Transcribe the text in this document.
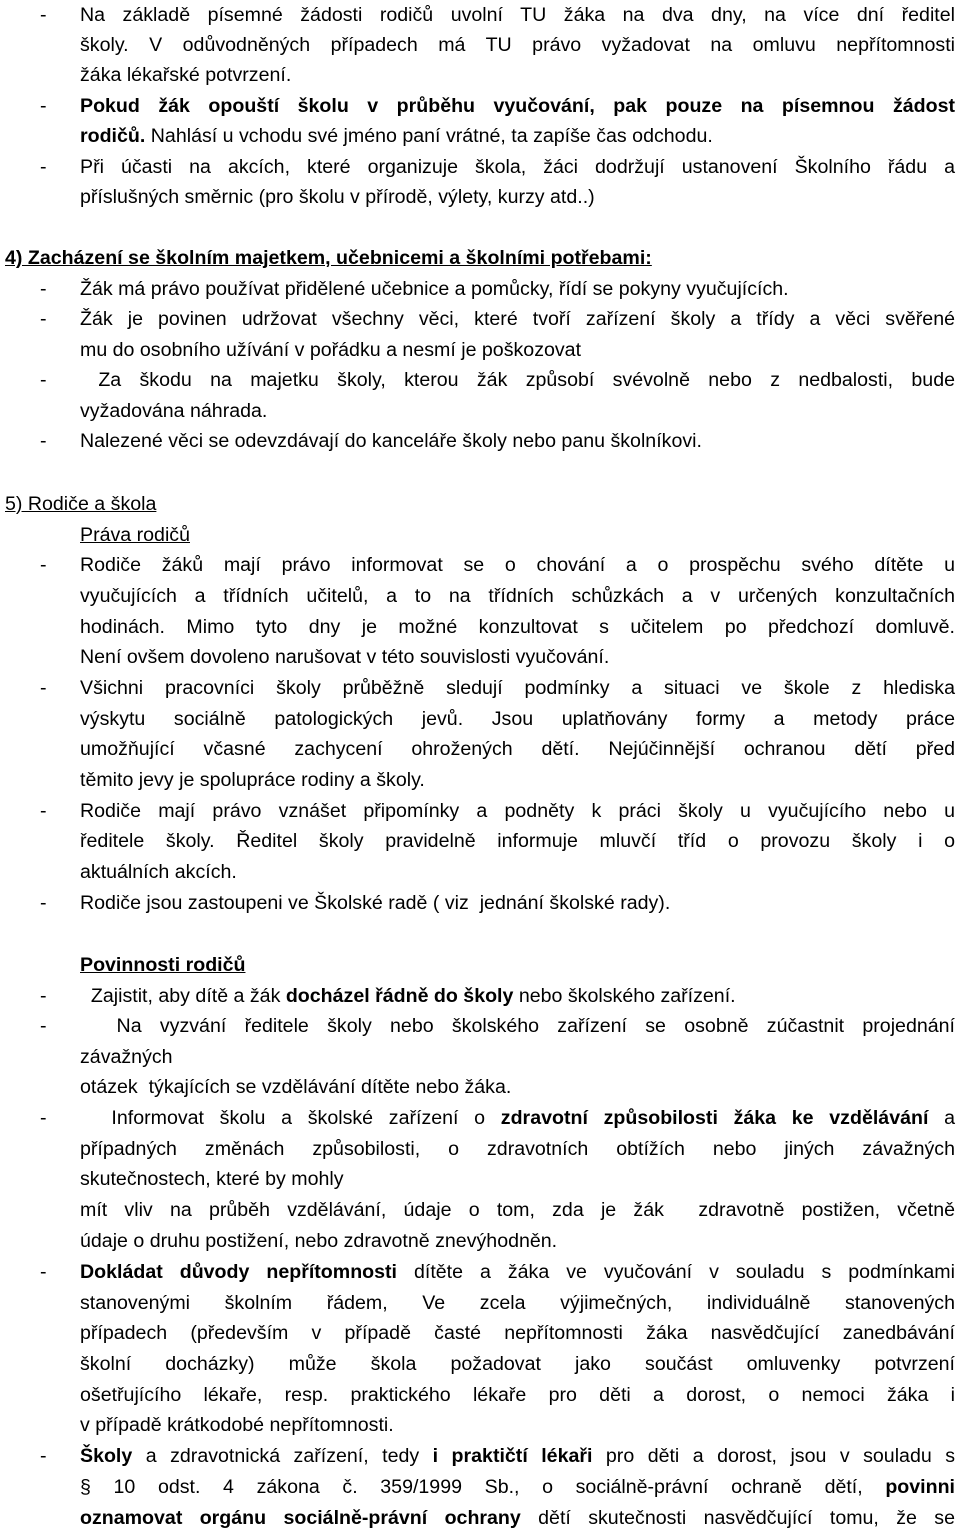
- Na základě písemné žádosti rodičů uvolní TU žáka na dva dny, na více dní ředitel
školy. V odůvodněných případech má TU právo vyžadovat na omluvu nepřítomnosti
žáka lékařské potvrzení.
- Pokud žák opouští školu v průběhu vyučování, pak pouze na písemnou žádost
rodičů. Nahlásí u vchodu své jméno paní vrátné, ta zapíše čas odchodu.
- Při účasti na akcích, které organizuje škola, žáci dodržují ustanovení Školního řádu a
příslušných směrnic (pro školu v přírodě, výlety, kurzy atd..)
4) Zacházení se školním majetkem, učebnicemi a školními potřebami:
- Žák má právo používat přidělené učebnice a pomůcky, řídí se pokyny vyučujících.
- Žák je povinen udržovat všechny věci, které tvoří zařízení školy a třídy a věci svěřené
mu do osobního užívání v pořádku a nesmí je poškozovat
- Za škodu na majetku školy, kterou žák způsobí svévolně nebo z nedbalosti, bude
vyžadována náhrada.
- Nalezené věci se odevzdávají do kanceláře školy nebo panu školníkovi.
5) Rodiče a škola
Práva rodičů
- Rodiče žáků mají právo informovat se o chování a o prospěchu svého dítěte u
vyučujících a třídních učitelů, a to na třídních schůzkách a v určených konzultačních
hodinách. Mimo tyto dny je možné konzultovat s učitelem po předchozí domluvě.
Není ovšem dovoleno narušovat v této souvislosti vyučování.
- Všichni pracovníci školy průběžně sledují podmínky a situaci ve škole z hlediska
výskytu sociálně patologických jevů. Jsou uplatňovány formy a metody práce
umožňující včasné zachycení ohrožených dětí. Nejúčinnější ochranou dětí před
těmito jevy je spolupráce rodiny a školy.
- Rodiče mají právo vznášet připomínky a podněty k práci školy u vyučujícího nebo u
ředitele školy. Ředitel školy pravidelně informuje mluvčí tříd o provozu školy i o
aktuálních akcích.
- Rodiče jsou zastoupeni ve Školské radě ( viz  jednání školské rady).
Povinnosti rodičů
- Zajistit, aby dítě a žák docházel řádně do školy nebo školského zařízení.
- Na vyzvání ředitele školy nebo školského zařízení se osobně zúčastnit projednání
závažných
otázek  týkajících se vzdělávání dítěte nebo žáka.
- Informovat školu a školské zařízení o zdravotní způsobilosti žáka ke vzdělávání a
případných změnách způsobilosti, o zdravotních obtížích nebo jiných závažných
skutečnostech, které by mohly
mít vliv na průběh vzdělávání, údaje o tom, zda je žák  zdravotně postižen, včetně
údaje o druhu postižení, nebo zdravotně znevýhodněn.
- Dokládat důvody nepřítomnosti dítěte a žáka ve vyučování v souladu s podmínkami
stanovenými školním řádem, Ve zcela výjimečných, individuálně stanovených
případech (především v případě časté nepřítomnosti žáka nasvědčující zanedbávání
školní docházky) může škola požadovat jako součást omluvenky potvrzení
ošetřujícího lékaře, resp. praktického lékaře pro děti a dorost, o nemoci žáka i
v případě krátkodobé nepřítomnosti.
- Školy a zdravotnická zařízení, tedy i praktičtí lékaři pro děti a dorost, jsou v souladu s
§ 10 odst. 4 zákona č. 359/1999 Sb., o sociálně-právní ochraně dětí, povinni
oznamovat orgánu sociálně-právní ochrany dětí skutečnosti nasvědčující tomu, že se
